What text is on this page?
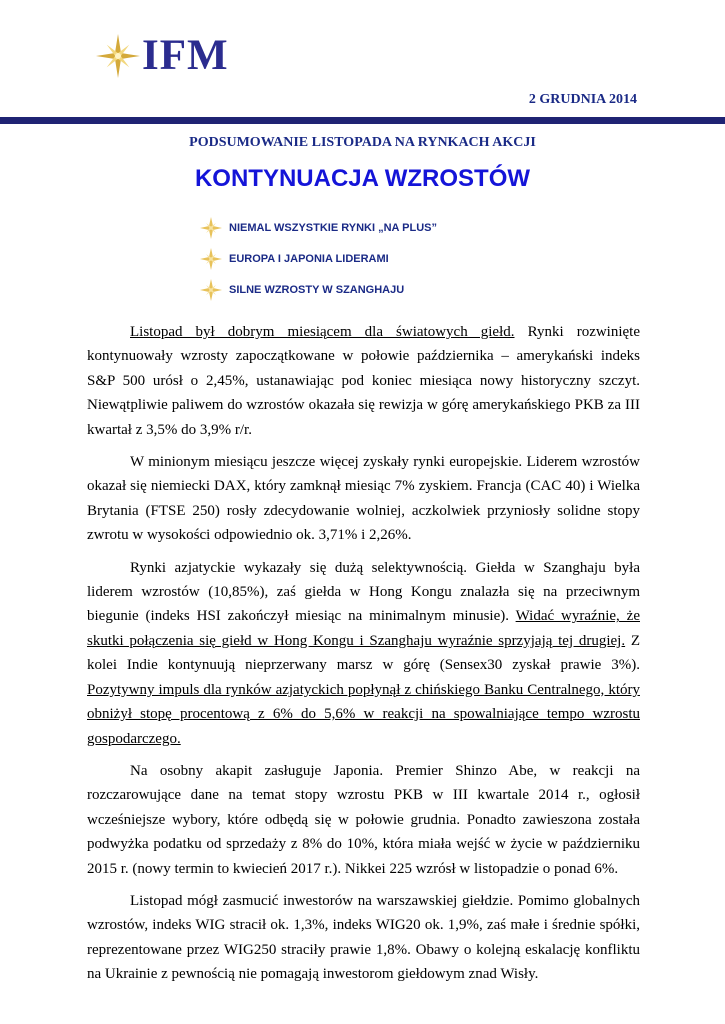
IFM
2 GRUDNIA 2014
PODSUMOWANIE LISTOPADA NA RYNKACH AKCJI
KONTYNUACJA WZROSTÓW
NIEMAL WSZYSTKIE RYNKI „NA PLUS”
EUROPA I JAPONIA LIDERAMI
SILNE WZROSTY W SZANGHAJU

Listopad był dobrym miesiącem dla światowych giełd. Rynki rozwinięte kontynuowały wzrosty zapoczątkowane w połowie października – amerykański indeks S&P 500 urósł o 2,45%, ustanawiając pod koniec miesiąca nowy historyczny szczyt. Niewątpliwie paliwem do wzrostów okazała się rewizja w górę amerykańskiego PKB za III kwartał z 3,5% do 3,9% r/r.

W minionym miesiącu jeszcze więcej zyskały rynki europejskie. Liderem wzrostów okazał się niemiecki DAX, który zamknął miesiąc 7% zyskiem. Francja (CAC 40) i Wielka Brytania (FTSE 250) rosły zdecydowanie wolniej, aczkolwiek przyniosły solidne stopy zwrotu w wysokości odpowiednio ok. 3,71% i 2,26%.

Rynki azjatyckie wykazały się dużą selektywnością. Giełda w Szanghaju była liderem wzrostów (10,85%), zaś giełda w Hong Kongu znalazła się na przeciwnym biegunie (indeks HSI zakończył miesiąc na minimalnym minusie). Widać wyraźnie, że skutki połączenia się giełd w Hong Kongu i Szanghaju wyraźnie sprzyjają tej drugiej. Z kolei Indie kontynuują nieprzerwany marsz w górę (Sensex30 zyskał prawie 3%). Pozytywny impuls dla rynków azjatyckich popłynął z chińskiego Banku Centralnego, który obniżył stopę procentową z 6% do 5,6% w reakcji na spowalniające tempo wzrostu gospodarczego.

Na osobny akapit zasługuje Japonia. Premier Shinzo Abe, w reakcji na rozczarowujące dane na temat stopy wzrostu PKB w III kwartale 2014 r., ogłosił wcześniejsze wybory, które odbędą się w połowie grudnia. Ponadto zawieszona została podwyżka podatku od sprzedaży z 8% do 10%, która miała wejść w życie w październiku 2015 r. (nowy termin to kwiecień 2017 r.). Nikkei 225 wzrósł w listopadzie o ponad 6%.

Listopad mógł zasmucić inwestorów na warszawskiej giełdzie. Pomimo globalnych wzrostów, indeks WIG stracił ok. 1,3%, indeks WIG20 ok. 1,9%, zaś małe i średnie spółki, reprezentowane przez WIG250 straciły prawie 1,8%. Obawy o kolejną eskalację konfliktu na Ukrainie z pewnością nie pomagają inwestorom giełdowym znad Wisły.
